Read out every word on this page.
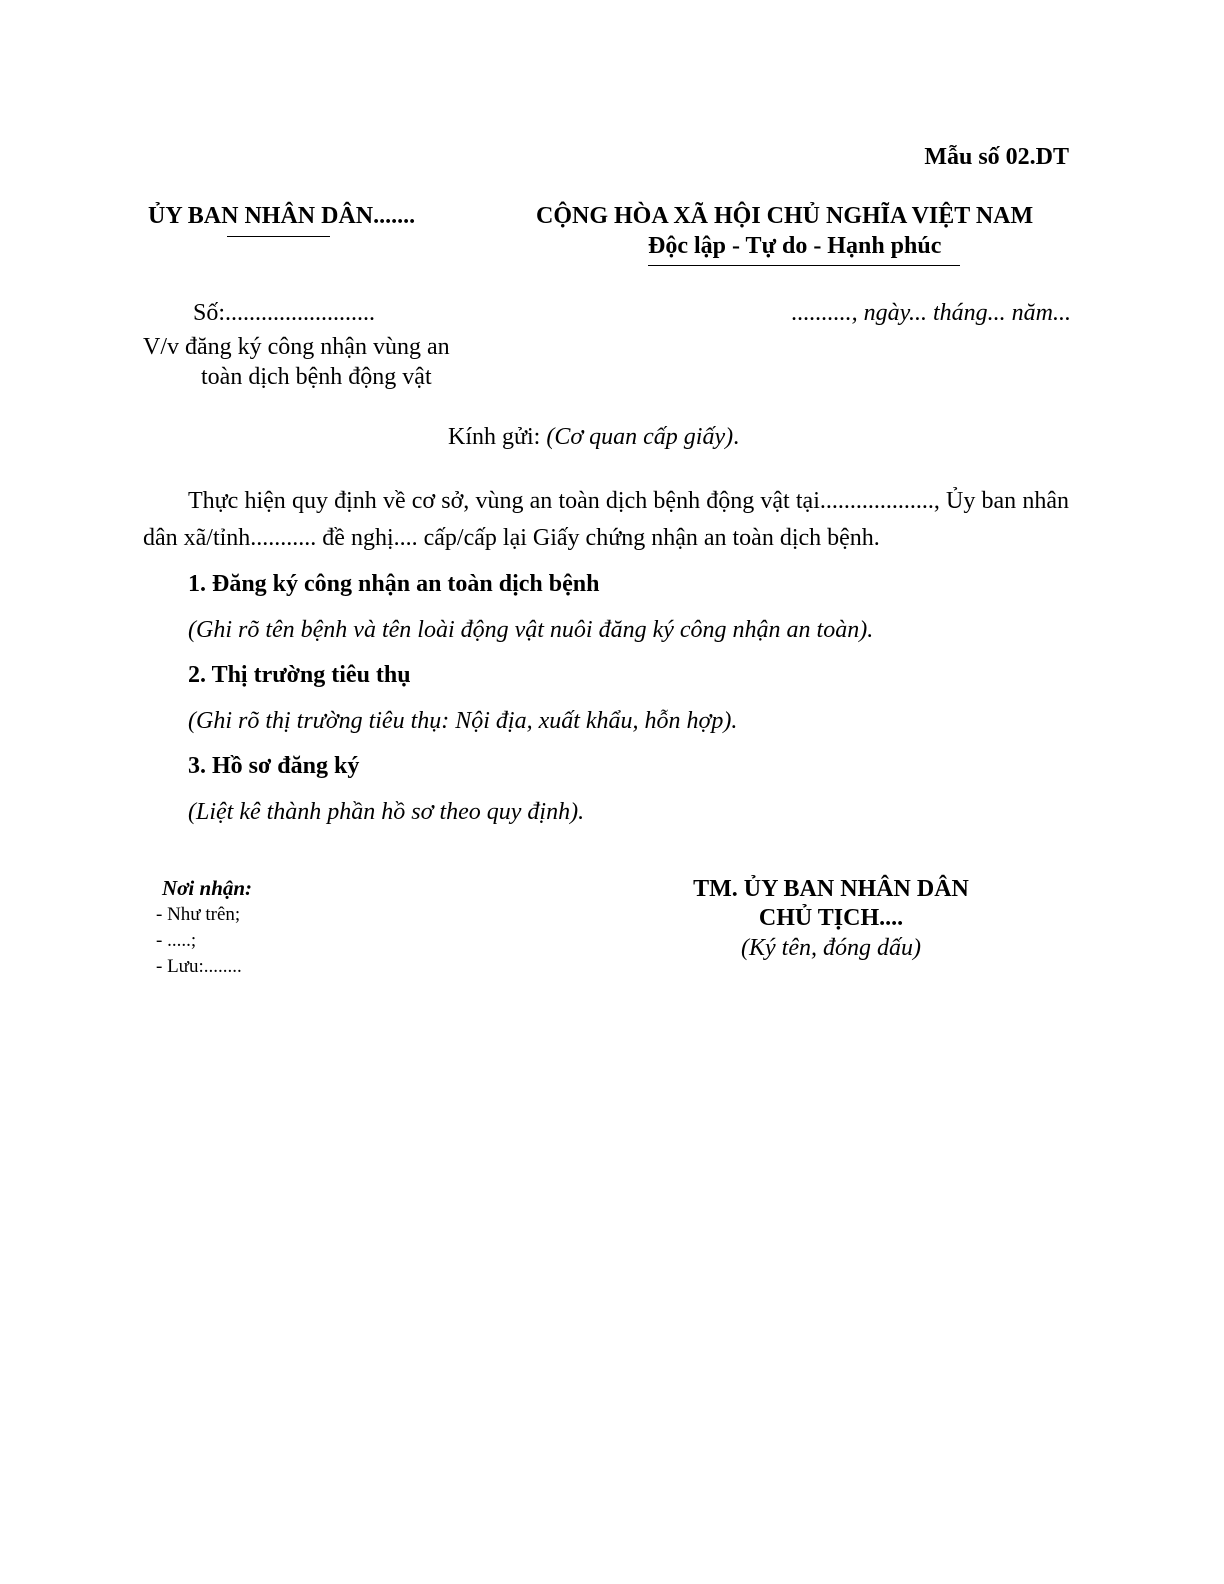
Mẫu số 02.DT
ỦY BAN NHÂN DÂN.......	CỘNG HÒA XÃ HỘI CHỦ NGHĨA VIỆT NAM
Độc lập - Tự do - Hạnh phúc
Số:.........................	.........., ngày... tháng... năm...
V/v đăng ký công nhận vùng an
toàn dịch bệnh động vật
Kính gửi: (Cơ quan cấp giấy).
Thực hiện quy định về cơ sở, vùng an toàn dịch bệnh động vật tại..................., Ủy ban nhân dân xã/tỉnh........... đề nghị.... cấp/cấp lại Giấy chứng nhận an toàn dịch bệnh.
1. Đăng ký công nhận an toàn dịch bệnh
(Ghi rõ tên bệnh và tên loài động vật nuôi đăng ký công nhận an toàn).
2. Thị trường tiêu thụ
(Ghi rõ thị trường tiêu thụ: Nội địa, xuất khẩu, hỗn hợp).
3. Hồ sơ đăng ký
(Liệt kê thành phần hồ sơ theo quy định).
Nơi nhận:
- Như trên;
- .....;
- Lưu:........
TM. ỦY BAN NHÂN DÂN
CHỦ TỊCH....
(Ký tên, đóng dấu)
